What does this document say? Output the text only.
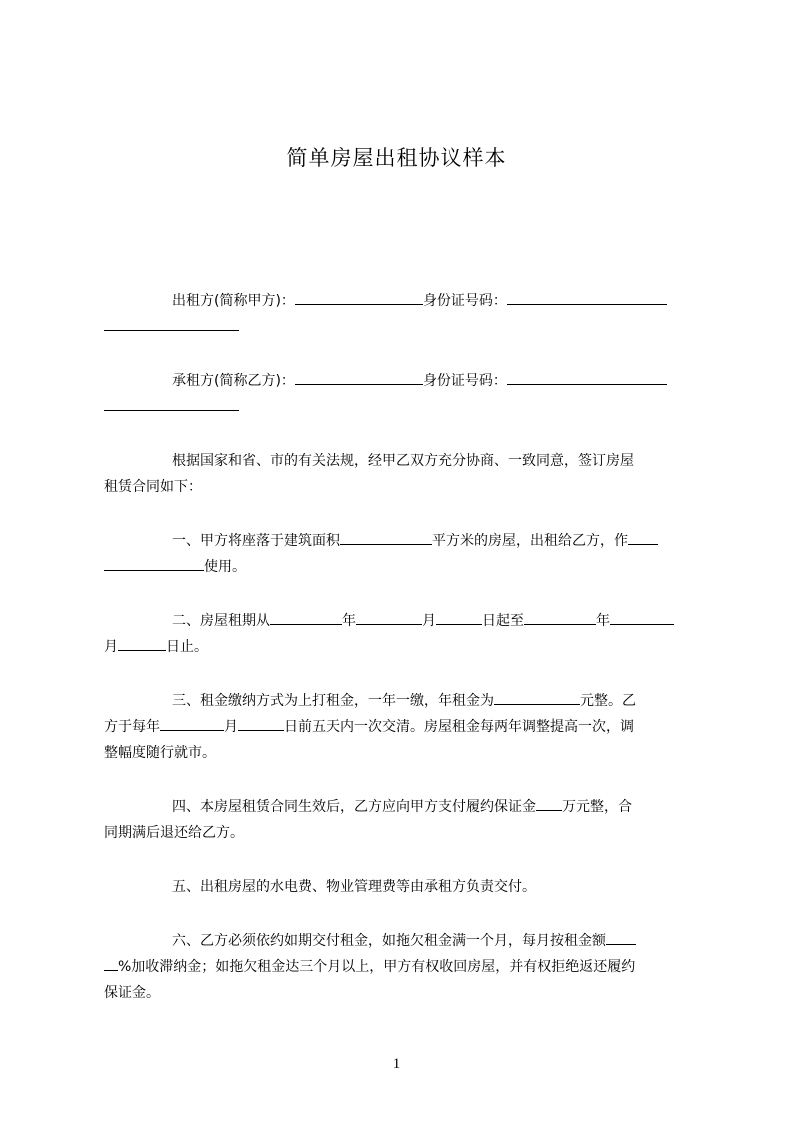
简单房屋出租协议样本
出租方(简称甲方)：	身份证号码：
承租方(简称乙方)：	身份证号码：
根据国家和省、市的有关法规，经甲乙双方充分协商、一致同意，签订房屋
租赁合同如下：
一、甲方将座落于建筑面积	平方米的房屋，出租给乙方，作
使用。
二、房屋租期从	年	月	日起至	年
月	日止。
三、租金缴纳方式为上打租金，一年一缴，年租金为	元整。乙
方于每年	月	日前五天内一次交清。房屋租金每两年调整提高一次，调
整幅度随行就市。
四、本房屋租赁合同生效后，乙方应向甲方支付履约保证金 万元整，合
同期满后退还给乙方。
五、出租房屋的水电费、物业管理费等由承租方负责交付。
六、乙方必须依约如期交付租金，如拖欠租金满一个月，每月按租金额
%加收滞纳金；如拖欠租金达三个月以上，甲方有权收回房屋，并有权拒绝返还履约
保证金。
1
